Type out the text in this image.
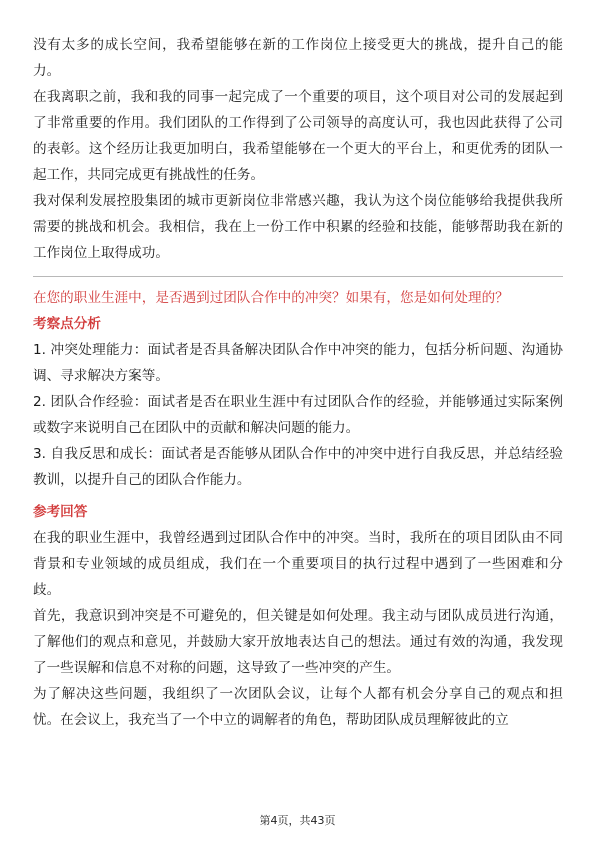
没有太多的成长空间，我希望能够在新的工作岗位上接受更大的挑战，提升自己的能力。

在我离职之前，我和我的同事一起完成了一个重要的项目，这个项目对公司的发展起到了非常重要的作用。我们团队的工作得到了公司领导的高度认可，我也因此获得了公司的表彰。这个经历让我更加明白，我希望能够在一个更大的平台上，和更优秀的团队一起工作，共同完成更有挑战性的任务。

我对保利发展控股集团的城市更新岗位非常感兴趣，我认为这个岗位能够给我提供我所需要的挑战和机会。我相信，我在上一份工作中积累的经验和技能，能够帮助我在新的工作岗位上取得成功。

在您的职业生涯中，是否遇到过团队合作中的冲突？如果有，您是如何处理的？

考察点分析

1. 冲突处理能力：面试者是否具备解决团队合作中冲突的能力，包括分析问题、沟通协调、寻求解决方案等。

2. 团队合作经验：面试者是否在职业生涯中有过团队合作的经验，并能够通过实际案例或数字来说明自己在团队中的贡献和解决问题的能力。

3. 自我反思和成长：面试者是否能够从团队合作中的冲突中进行自我反思，并总结经验教训，以提升自己的团队合作能力。

参考回答

在我的职业生涯中，我曾经遇到过团队合作中的冲突。当时，我所在的项目团队由不同背景和专业领域的成员组成，我们在一个重要项目的执行过程中遇到了一些困难和分歧。

首先，我意识到冲突是不可避免的，但关键是如何处理。我主动与团队成员进行沟通，了解他们的观点和意见，并鼓励大家开放地表达自己的想法。通过有效的沟通，我发现了一些误解和信息不对称的问题，这导致了一些冲突的产生。

为了解决这些问题，我组织了一次团队会议，让每个人都有机会分享自己的观点和担忧。在会议上，我充当了一个中立的调解者的角色，帮助团队成员理解彼此的立

第4页，共43页
